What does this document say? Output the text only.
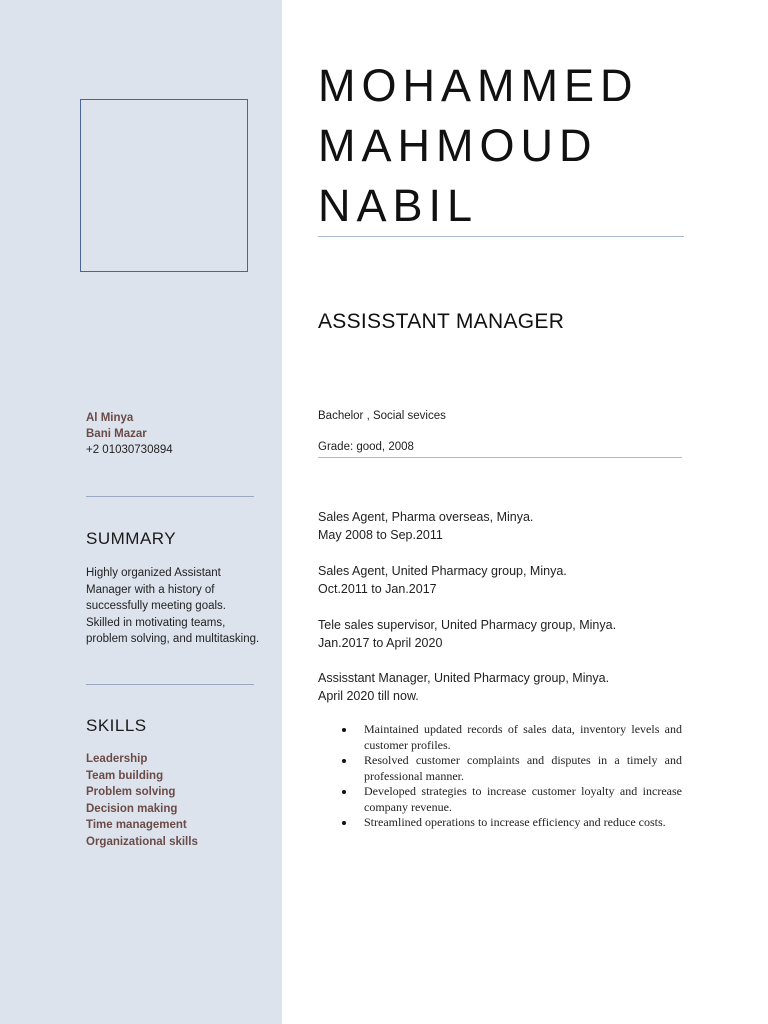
Al Minya
Bani Mazar
+2 01030730894
SUMMARY
Highly organized Assistant Manager with a history of successfully meeting goals. Skilled in motivating teams, problem solving, and multitasking.
SKILLS
Leadership
Team building
Problem solving
Decision making
Time management
Organizational skills
MOHAMMED
MAHMOUD
NABIL
ASSISSTANT MANAGER
Bachelor , Social sevices
Grade: good, 2008
Sales Agent, Pharma overseas, Minya.
May 2008 to Sep.2011
Sales Agent, United Pharmacy group, Minya.
Oct.2011 to Jan.2017
Tele sales supervisor, United Pharmacy group, Minya.
Jan.2017 to April 2020
Assisstant Manager, United Pharmacy group, Minya.
April 2020 till now.
Maintained updated records of sales data, inventory levels and customer profiles.
Resolved customer complaints and disputes in a timely and professional manner.
Developed strategies to increase customer loyalty and increase company revenue.
Streamlined operations to increase efficiency and reduce costs.
